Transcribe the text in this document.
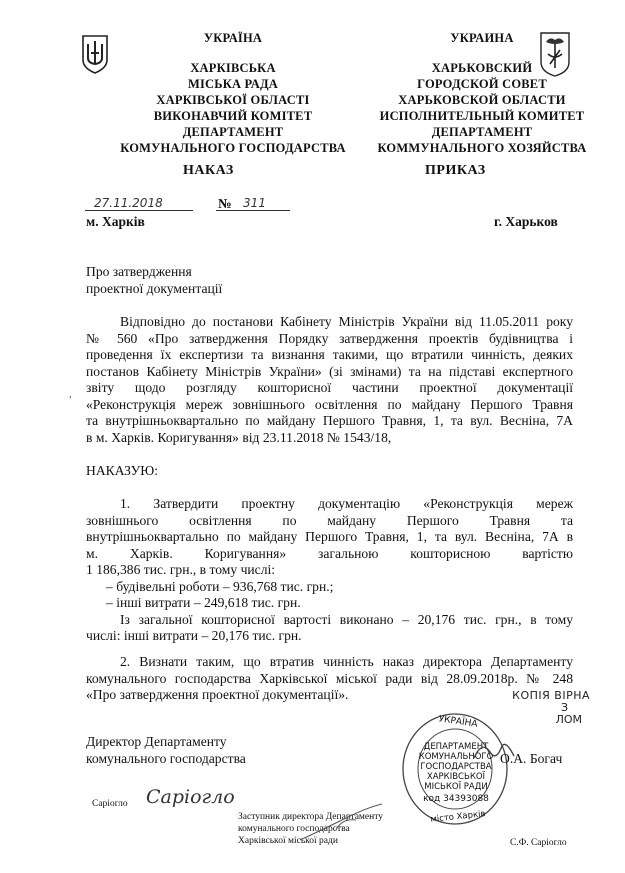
УКРАЇНА
ХАРКІВСЬКА
МІСЬКА РАДА
ХАРКІВСЬКОЇ ОБЛАСТІ
ВИКОНАВЧИЙ КОМІТЕТ
ДЕПАРТАМЕНТ
КОМУНАЛЬНОГО ГОСПОДАРСТВА
УКРАИНА
ХАРЬКОВСКИЙ
ГОРОДСКОЙ СОВЕТ
ХАРЬКОВСКОЙ ОБЛАСТИ
ИСПОЛНИТЕЛЬНЫЙ КОМИТЕТ
ДЕПАРТАМЕНТ
КОММУНАЛЬНОГО ХОЗЯЙСТВА
НАКАЗ	ПРИКАЗ
27.11.2018	№ 311
м. Харків	г. Харьков
Про затвердження
проектної документації
Відповідно до постанови Кабінету Міністрів України від 11.05.2011 року
№ 560 «Про затвердження Порядку затвердження проектів будівництва і
проведення їх експертизи та визнання такими, що втратили чинність, деяких
постанов Кабінету Міністрів України» (зі змінами) та на підставі експертного
звіту щодо розгляду кошторисної частини проектної документації
«Реконструкція мереж зовнішнього освітлення по майдану Першого Травня
та внутрішньоквартально по майдану Першого Травня, 1, та вул. Весніна, 7А
в м. Харків. Коригування» від 23.11.2018 № 1543/18,
НАКАЗУЮ:
1. Затвердити проектну документацію «Реконструкція мереж
зовнішнього освітлення по майдану Першого Травня та
внутрішньоквартально по майдану Першого Травня, 1, та вул. Весніна, 7А в
м. Харків. Коригування» загальною кошторисною вартістю
1 186,386 тис. грн., в тому числі:
– будівельні роботи – 936,768 тис. грн.;
– інші витрати – 249,618 тис. грн.
Із загальної кошторисної вартості виконано – 20,176 тис. грн., в тому
числі: інші витрати – 20,176 тис. грн.
2. Визнати таким, що втратив чинність наказ директора Департаменту
комунального господарства Харківської міської ради від 28.09.2018р. № 248
«Про затвердження проектної документації».	КОПІЯ ВІРНА
З
ЛОМ
УКРАЇНА
ДЕПАРТАМЕНТ
КОМУНАЛЬНОГО
ГОСПОДАРСТВА
ХАРКІВСЬКОЇ
МІСЬКОЇ РАДИ
код 34393088
місто Харків
Директор Департаменту
комунального господарства	О.А. Богач
Саріогло Сарiогло
Заступник директора Департаменту
комунального господарства
Харківської міської ради	С.Ф. Саріогло
,
